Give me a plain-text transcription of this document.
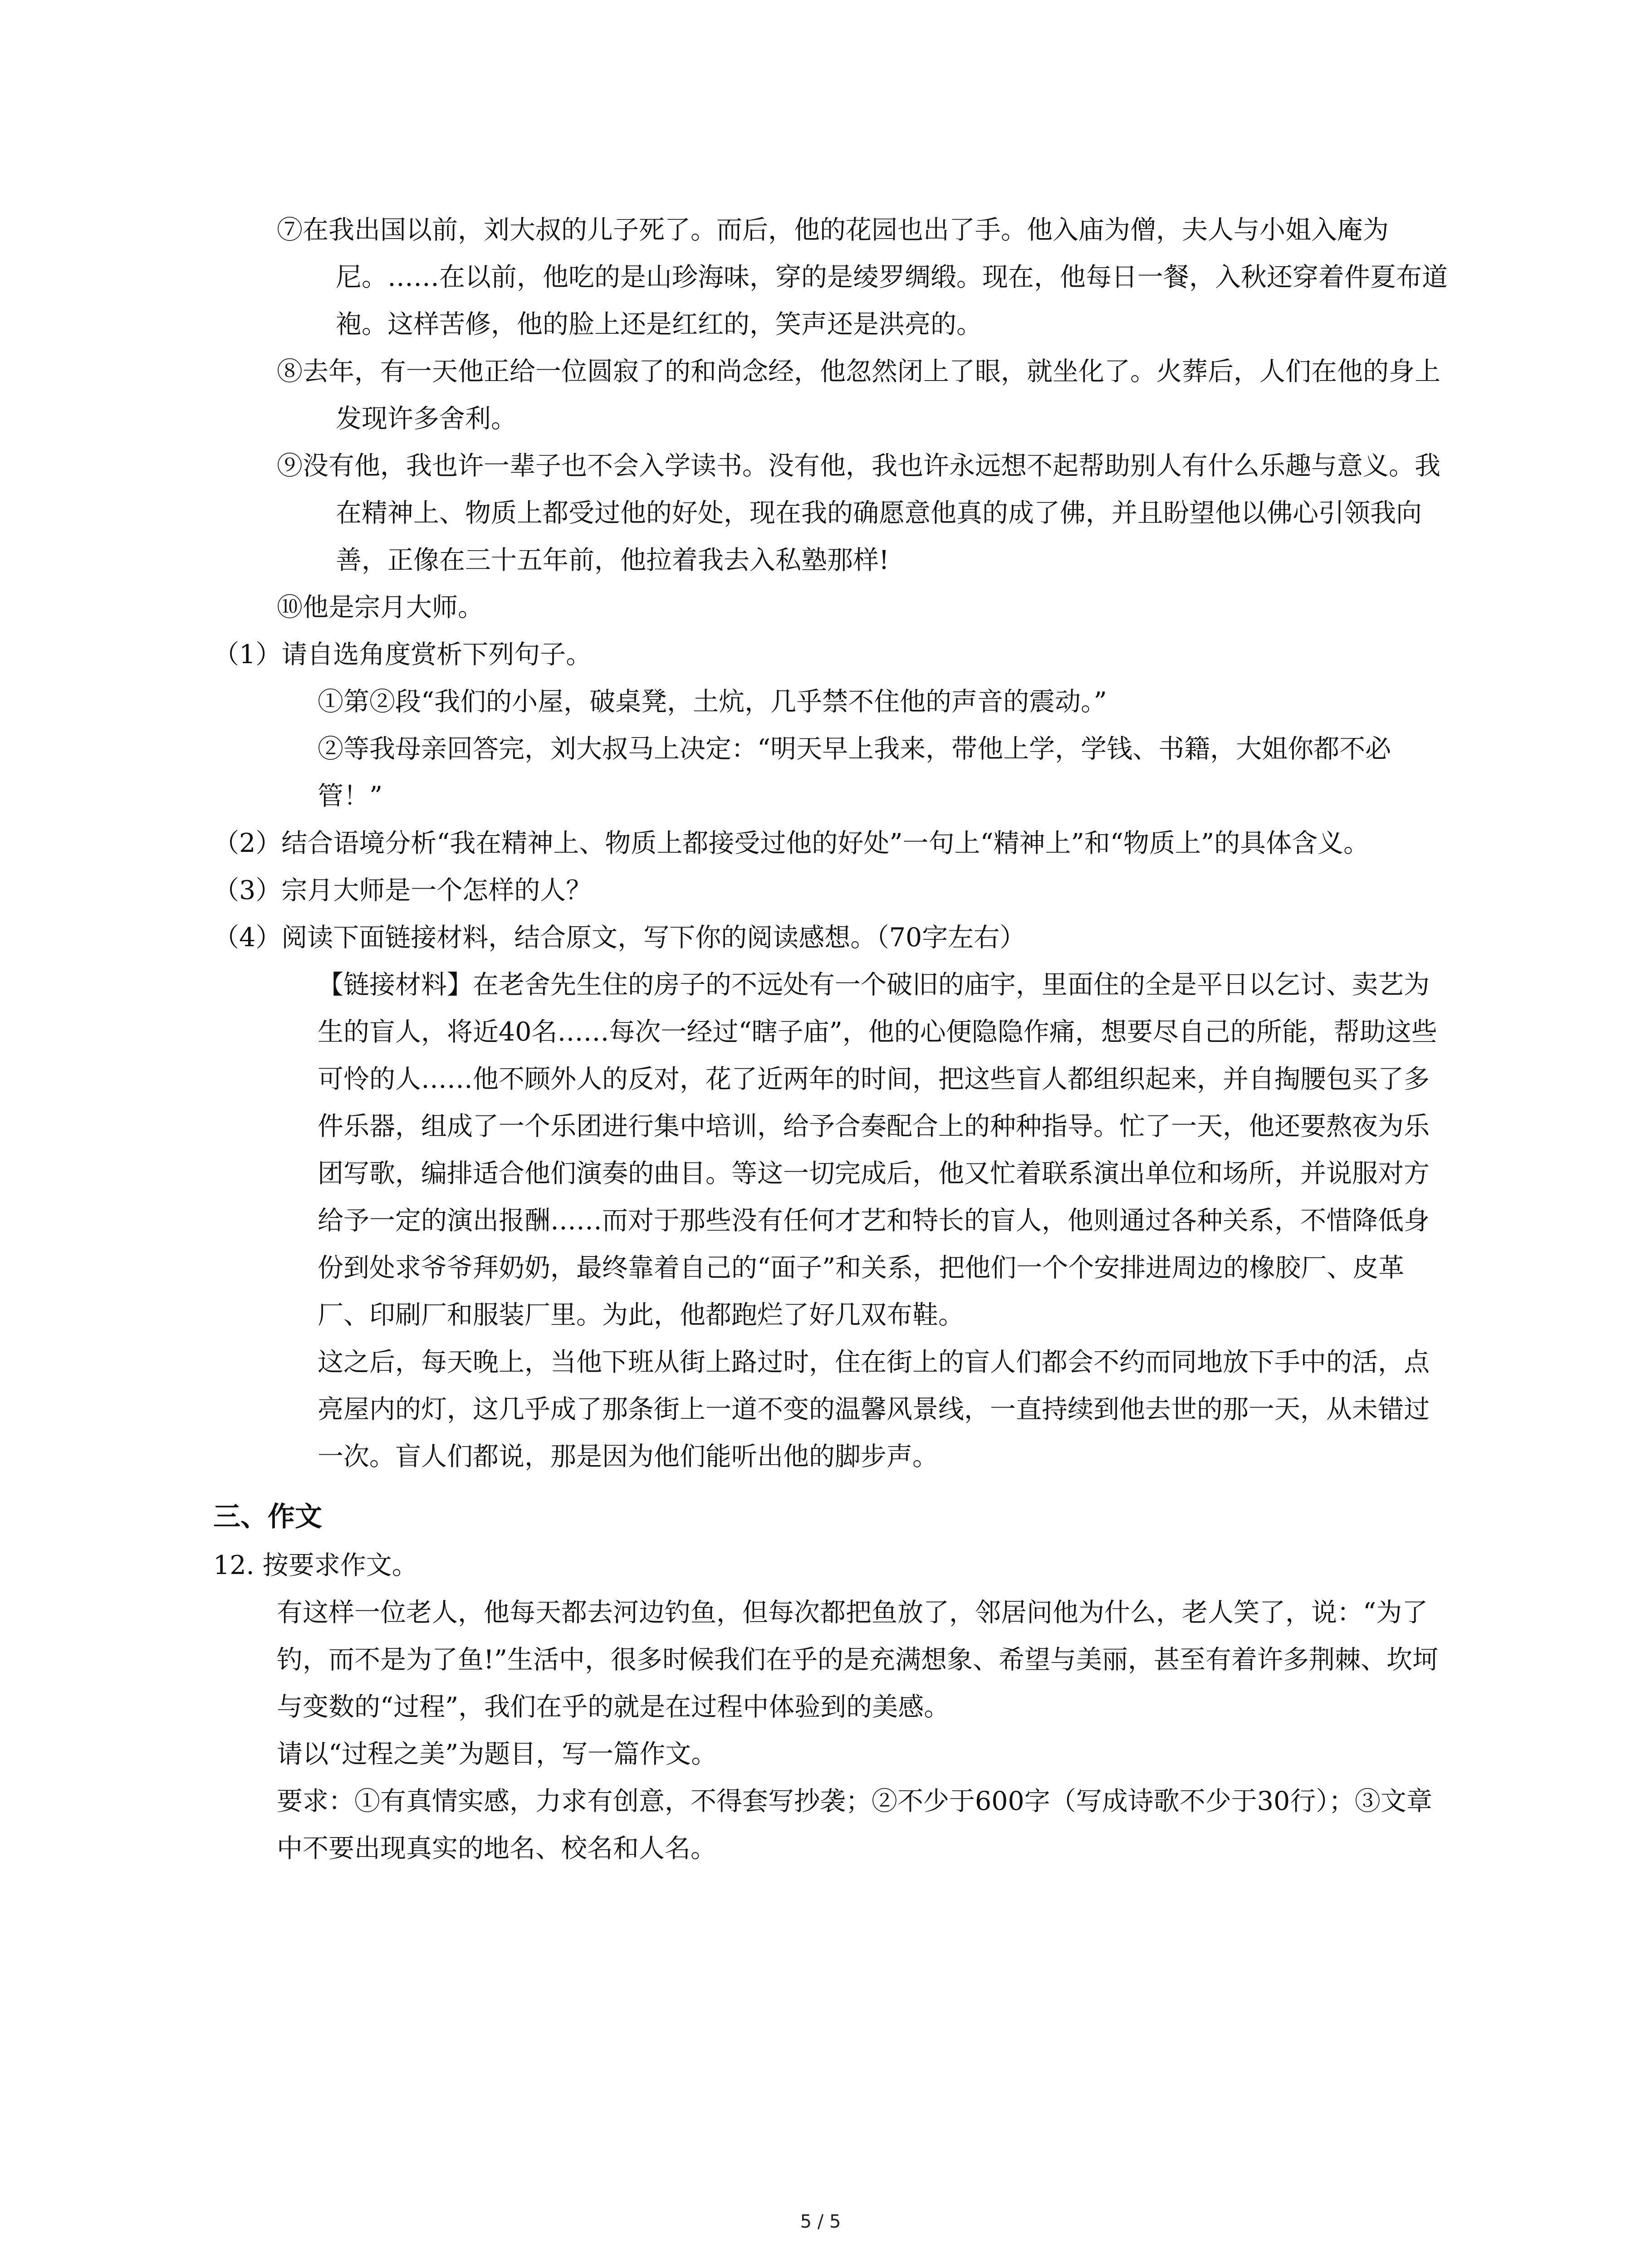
⑦在我出国以前，刘大叔的儿子死了。而后，他的花园也出了手。他入庙为僧，夫人与小姐入庵为尼。……在以前，他吃的是山珍海味，穿的是绫罗绸缎。现在，他每日一餐，入秋还穿着件夏布道袍。这样苦修，他的脸上还是红红的，笑声还是洪亮的。

⑧去年，有一天他正给一位圆寂了的和尚念经，他忽然闭上了眼，就坐化了。火葬后，人们在他的身上发现许多舍利。

⑨没有他，我也许一辈子也不会入学读书。没有他，我也许永远想不起帮助别人有什么乐趣与意义。我在精神上、物质上都受过他的好处，现在我的确愿意他真的成了佛，并且盼望他以佛心引领我向善，正像在三十五年前，他拉着我去入私塾那样!

⑩他是宗月大师。

（1）请自选角度赏析下列句子。

①第②段“我们的小屋，破桌凳，土炕，几乎禁不住他的声音的震动。”

②等我母亲回答完，刘大叔马上决定：“明天早上我来，带他上学，学钱、书籍，大姐你都不必管！”

（2）结合语境分析“我在精神上、物质上都接受过他的好处”一句上“精神上”和“物质上”的具体含义。

（3）宗月大师是一个怎样的人？

（4）阅读下面链接材料，结合原文，写下你的阅读感想。（70字左右）

【链接材料】在老舍先生住的房子的不远处有一个破旧的庙宇，里面住的全是平日以乞讨、卖艺为生的盲人，将近40名……每次一经过“瞎子庙”，他的心便隐隐作痛，想要尽自己的所能，帮助这些可怜的人……他不顾外人的反对，花了近两年的时间，把这些盲人都组织起来，并自掏腰包买了多件乐器，组成了一个乐团进行集中培训，给予合奏配合上的种种指导。忙了一天，他还要熬夜为乐团写歌，编排适合他们演奏的曲目。等这一切完成后，他又忙着联系演出单位和场所，并说服对方给予一定的演出报酬……而对于那些没有任何才艺和特长的盲人，他则通过各种关系，不惜降低身份到处求爷爷拜奶奶，最终靠着自己的“面子”和关系，把他们一个个安排进周边的橡胶厂、皮革厂、印刷厂和服装厂里。为此，他都跑烂了好几双布鞋。

这之后，每天晚上，当他下班从街上路过时，住在街上的盲人们都会不约而同地放下手中的活，点亮屋内的灯，这几乎成了那条街上一道不变的温馨风景线，一直持续到他去世的那一天，从未错过一次。盲人们都说，那是因为他们能听出他的脚步声。

三、作文

12. 按要求作文。

有这样一位老人，他每天都去河边钓鱼，但每次都把鱼放了，邻居问他为什么，老人笑了，说：“为了钓，而不是为了鱼!”生活中，很多时候我们在乎的是充满想象、希望与美丽，甚至有着许多荆棘、坎坷与变数的“过程”，我们在乎的就是在过程中体验到的美感。

请以“过程之美”为题目，写一篇作文。

要求：①有真情实感，力求有创意，不得套写抄袭；②不少于600字（写成诗歌不少于30行）；③文章中不要出现真实的地名、校名和人名。

5 / 5
